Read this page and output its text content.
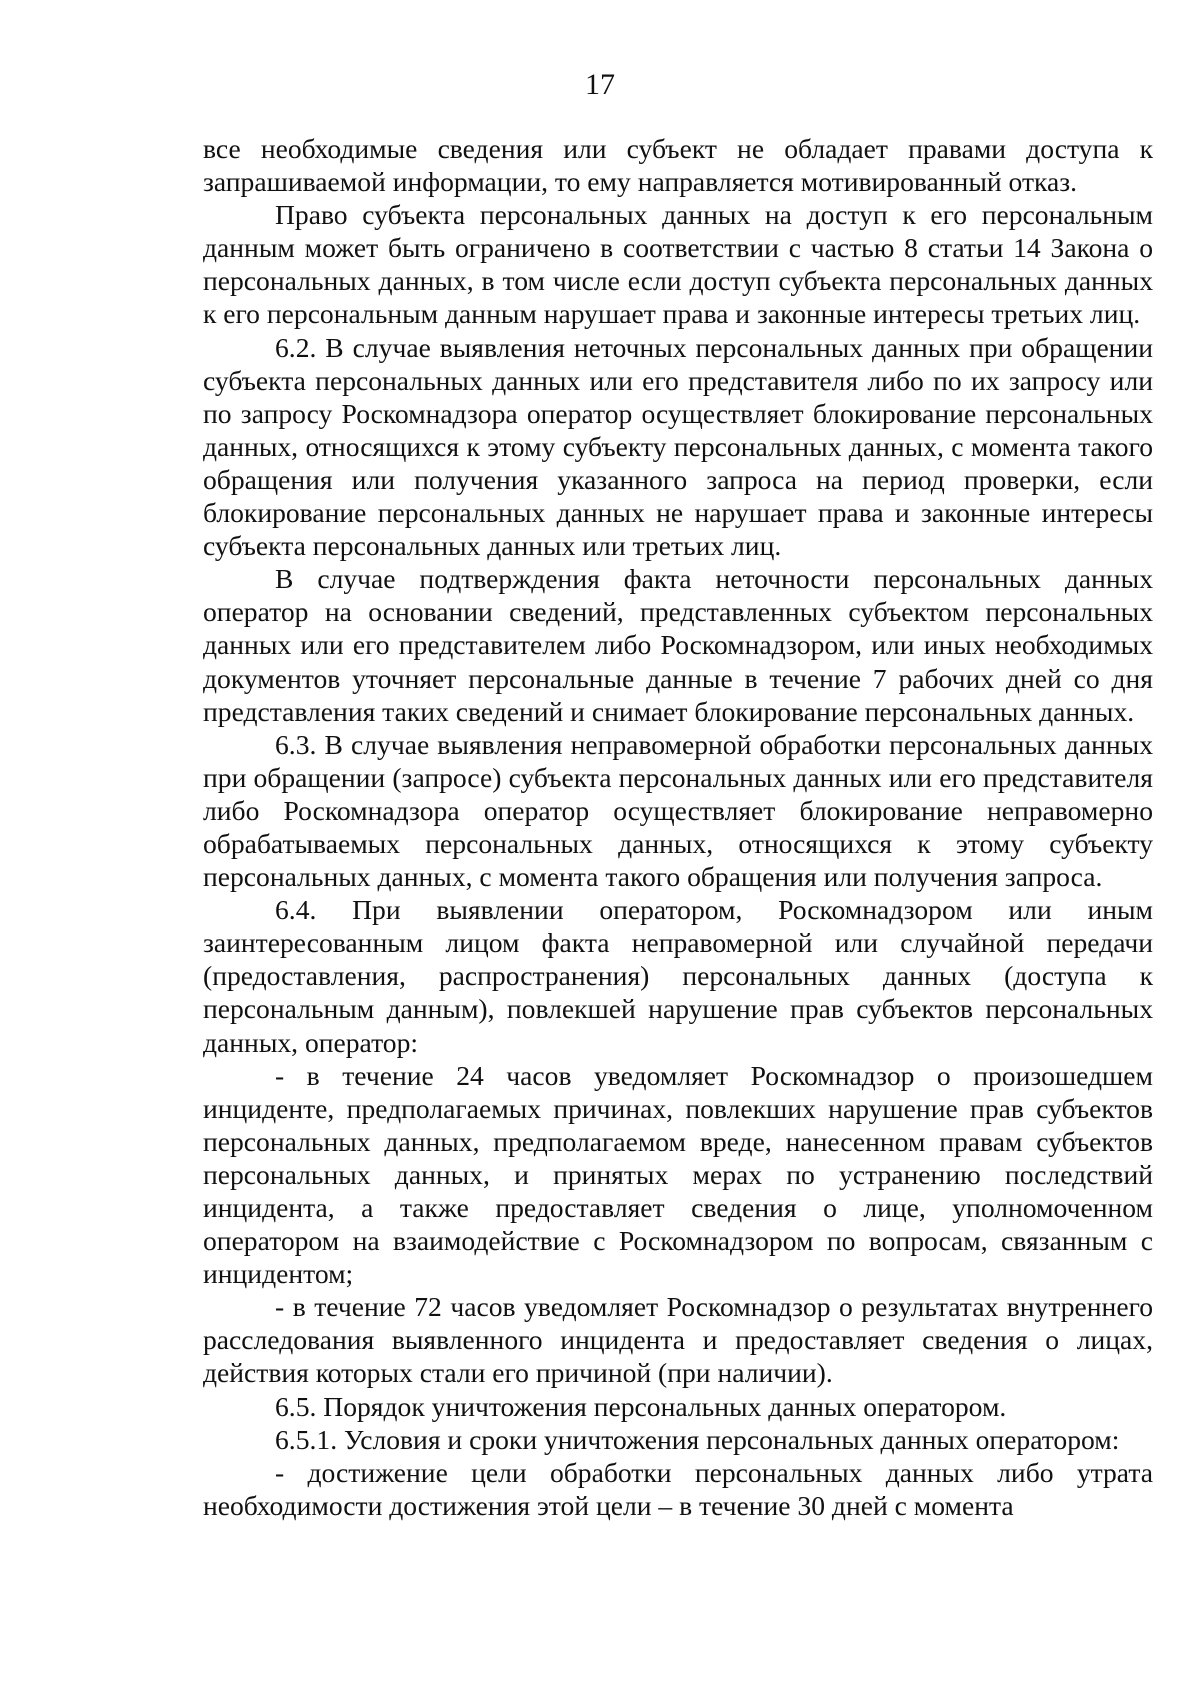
17

все необходимые сведения или субъект не обладает правами доступа к запрашиваемой информации, то ему направляется мотивированный отказ.

Право субъекта персональных данных на доступ к его персональным данным может быть ограничено в соответствии с частью 8 статьи 14 Закона о персональных данных, в том числе если доступ субъекта персональных данных к его персональным данным нарушает права и законные интересы третьих лиц.

6.2. В случае выявления неточных персональных данных при обращении субъекта персональных данных или его представителя либо по их запросу или по запросу Роскомнадзора оператор осуществляет блокирование персональных данных, относящихся к этому субъекту персональных данных, с момента такого обращения или получения указанного запроса на период проверки, если блокирование персональных данных не нарушает права и законные интересы субъекта персональных данных или третьих лиц.

В случае подтверждения факта неточности персональных данных оператор на основании сведений, представленных субъектом персональных данных или его представителем либо Роскомнадзором, или иных необходимых документов уточняет персональные данные в течение 7 рабочих дней со дня представления таких сведений и снимает блокирование персональных данных.

6.3. В случае выявления неправомерной обработки персональных данных при обращении (запросе) субъекта персональных данных или его представителя либо Роскомнадзора оператор осуществляет блокирование неправомерно обрабатываемых персональных данных, относящихся к этому субъекту персональных данных, с момента такого обращения или получения запроса.

6.4. При выявлении оператором, Роскомнадзором или иным заинтересованным лицом факта неправомерной или случайной передачи (предоставления, распространения) персональных данных (доступа к персональным данным), повлекшей нарушение прав субъектов персональных данных, оператор:

- в течение 24 часов уведомляет Роскомнадзор о произошедшем инциденте, предполагаемых причинах, повлекших нарушение прав субъектов персональных данных, предполагаемом вреде, нанесенном правам субъектов персональных данных, и принятых мерах по устранению последствий инцидента, а также предоставляет сведения о лице, уполномоченном оператором на взаимодействие с Роскомнадзором по вопросам, связанным с инцидентом;

- в течение 72 часов уведомляет Роскомнадзор о результатах внутреннего расследования выявленного инцидента и предоставляет сведения о лицах, действия которых стали его причиной (при наличии).

6.5. Порядок уничтожения персональных данных оператором.

6.5.1. Условия и сроки уничтожения персональных данных оператором:

- достижение цели обработки персональных данных либо утрата необходимости достижения этой цели – в течение 30 дней с момента
